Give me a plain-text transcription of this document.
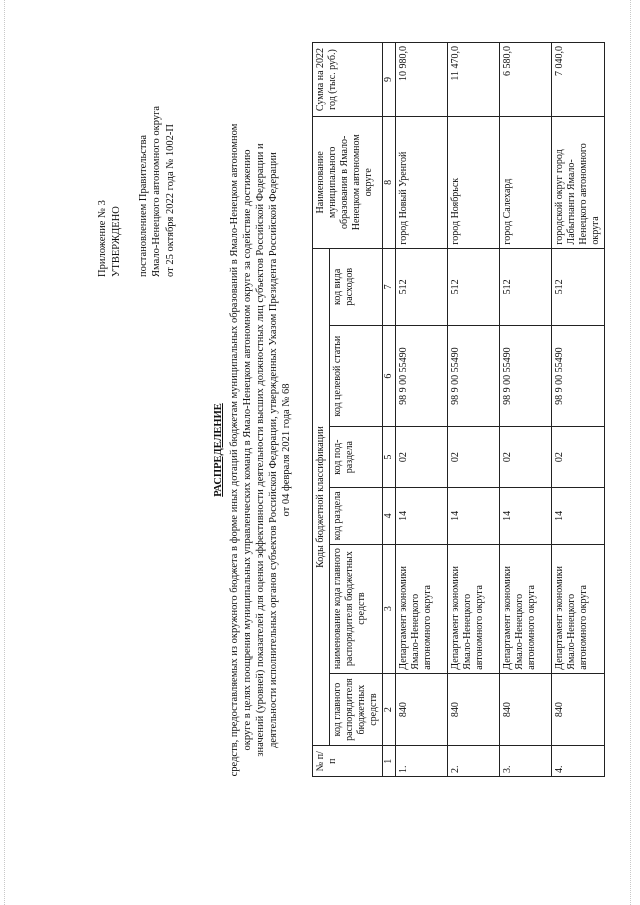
Приложение № 3 УТВЕРЖДЕНО постановлением Правительства Ямало-Ненецкого автономного округа от 25 октября 2022 года № 1002-П
РАСПРЕДЕЛЕНИЕ средств, предоставляемых из окружного бюджета в форме иных дотаций бюджетам муниципальных образований в Ямало-Ненецком автономном округе в целях поощрения муниципальных управленческих команд в Ямало-Ненецком автономном округе за содействие достижению значений (уровней) показателей для оценки эффективности деятельности высших должностных лиц субъектов Российской Федерации и деятельности исполнительных органов субъектов Российской Федерации, утвержденных Указом Президента Российской Федерации от 04 февраля 2021 года № 68
№ п/п	Коды бюджетной классификации						Наименование муниципального образования в Ямало-Ненецком автономном округе	Сумма на 2022 год (тыс. руб.)
	код главного распорядителя бюджетных средств	наименование кода главного распорядителя бюджетных средств	код раздела	код под-раздела	код целевой статьи	код вида расходов		
1	2	3	4	5	6	7	8	9
1.	840	Департамент экономики Ямало-Ненецкого автономного округа	14	02	98 9 00 55490	512	город Новый Уренгой	10 980,0
2.	840	Департамент экономики Ямало-Ненецкого автономного округа	14	02	98 9 00 55490	512	город Ноябрьск	11 470,0
3.	840	Департамент экономики Ямало-Ненецкого автономного округа	14	02	98 9 00 55490	512	город Салехард	6 580,0
4.	840	Департамент экономики Ямало-Ненецкого автономного округа	14	02	98 9 00 55490	512	городской округ город Лабытнанги Ямало-Ненецкого автономного округа	7 040,0
